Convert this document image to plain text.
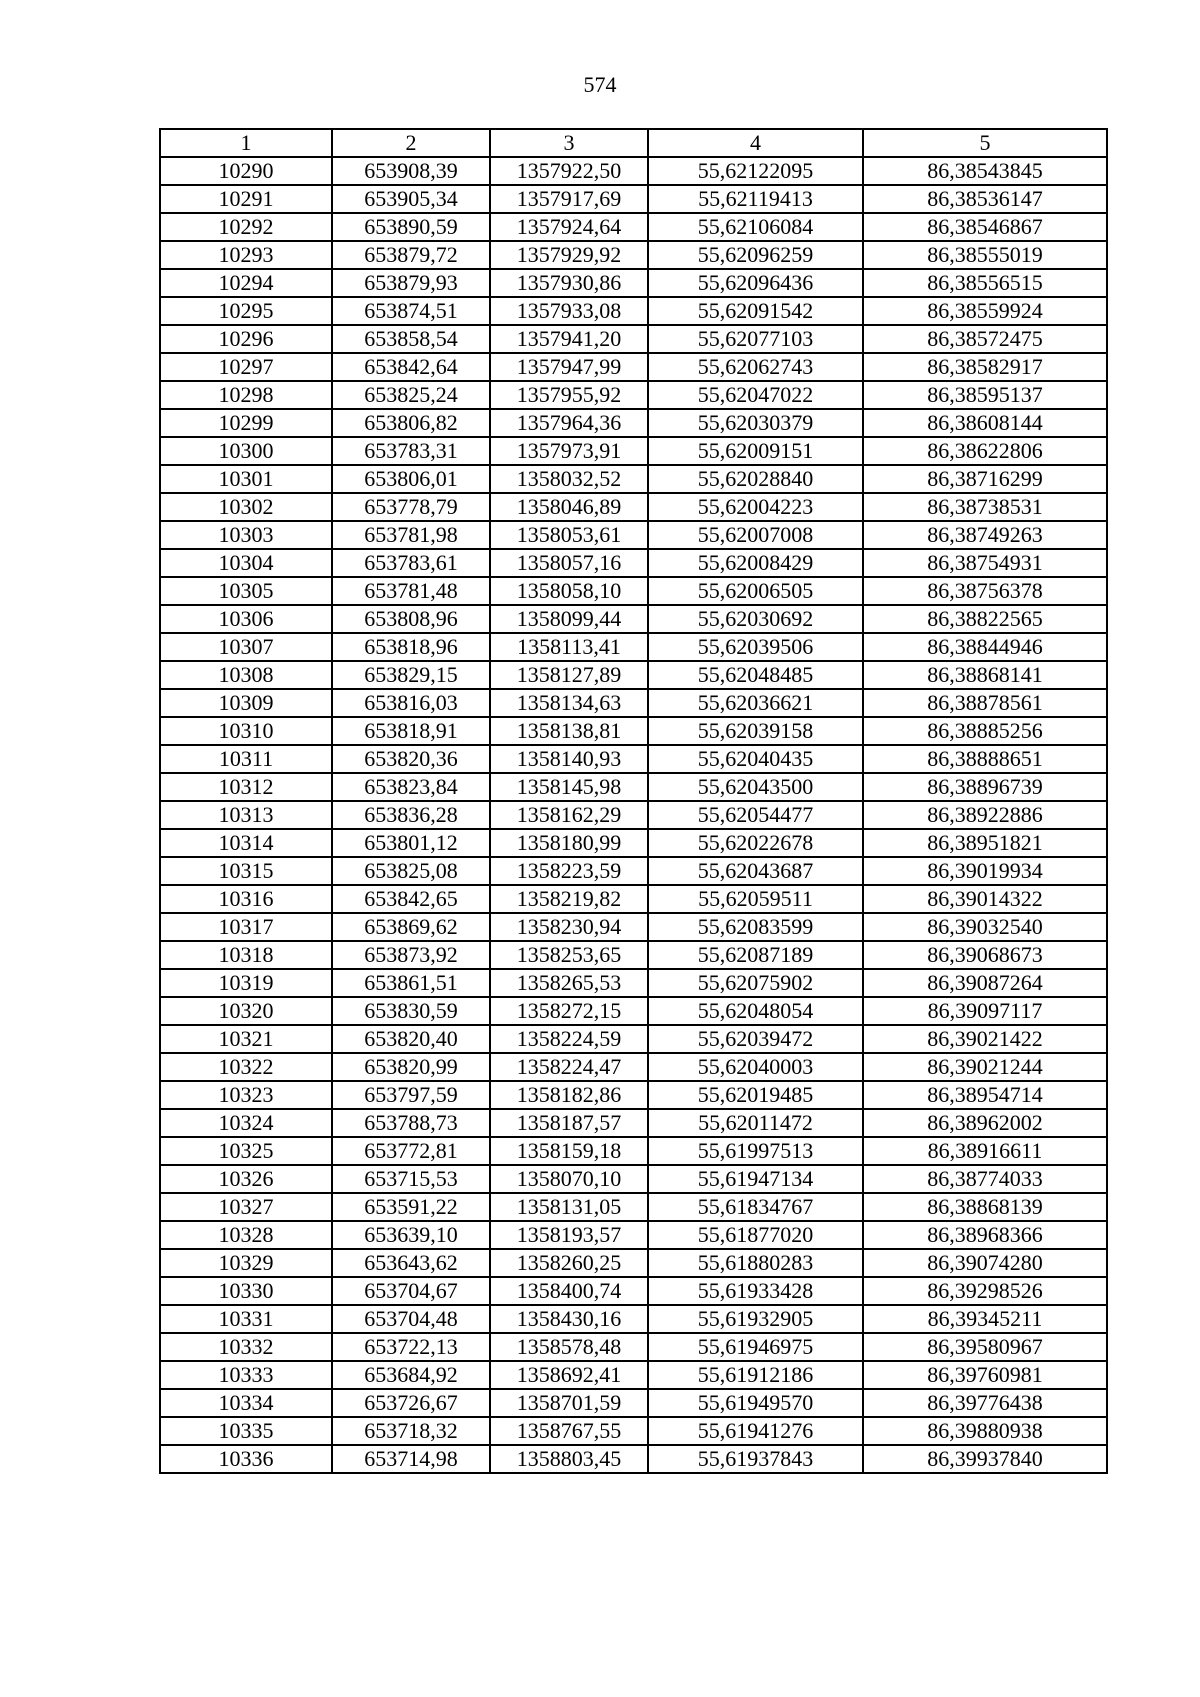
574
1	2	3	4	5
10290	653908,39	1357922,50	55,62122095	86,38543845
10291	653905,34	1357917,69	55,62119413	86,38536147
10292	653890,59	1357924,64	55,62106084	86,38546867
10293	653879,72	1357929,92	55,62096259	86,38555019
10294	653879,93	1357930,86	55,62096436	86,38556515
10295	653874,51	1357933,08	55,62091542	86,38559924
10296	653858,54	1357941,20	55,62077103	86,38572475
10297	653842,64	1357947,99	55,62062743	86,38582917
10298	653825,24	1357955,92	55,62047022	86,38595137
10299	653806,82	1357964,36	55,62030379	86,38608144
10300	653783,31	1357973,91	55,62009151	86,38622806
10301	653806,01	1358032,52	55,62028840	86,38716299
10302	653778,79	1358046,89	55,62004223	86,38738531
10303	653781,98	1358053,61	55,62007008	86,38749263
10304	653783,61	1358057,16	55,62008429	86,38754931
10305	653781,48	1358058,10	55,62006505	86,38756378
10306	653808,96	1358099,44	55,62030692	86,38822565
10307	653818,96	1358113,41	55,62039506	86,38844946
10308	653829,15	1358127,89	55,62048485	86,38868141
10309	653816,03	1358134,63	55,62036621	86,38878561
10310	653818,91	1358138,81	55,62039158	86,38885256
10311	653820,36	1358140,93	55,62040435	86,38888651
10312	653823,84	1358145,98	55,62043500	86,38896739
10313	653836,28	1358162,29	55,62054477	86,38922886
10314	653801,12	1358180,99	55,62022678	86,38951821
10315	653825,08	1358223,59	55,62043687	86,39019934
10316	653842,65	1358219,82	55,62059511	86,39014322
10317	653869,62	1358230,94	55,62083599	86,39032540
10318	653873,92	1358253,65	55,62087189	86,39068673
10319	653861,51	1358265,53	55,62075902	86,39087264
10320	653830,59	1358272,15	55,62048054	86,39097117
10321	653820,40	1358224,59	55,62039472	86,39021422
10322	653820,99	1358224,47	55,62040003	86,39021244
10323	653797,59	1358182,86	55,62019485	86,38954714
10324	653788,73	1358187,57	55,62011472	86,38962002
10325	653772,81	1358159,18	55,61997513	86,38916611
10326	653715,53	1358070,10	55,61947134	86,38774033
10327	653591,22	1358131,05	55,61834767	86,38868139
10328	653639,10	1358193,57	55,61877020	86,38968366
10329	653643,62	1358260,25	55,61880283	86,39074280
10330	653704,67	1358400,74	55,61933428	86,39298526
10331	653704,48	1358430,16	55,61932905	86,39345211
10332	653722,13	1358578,48	55,61946975	86,39580967
10333	653684,92	1358692,41	55,61912186	86,39760981
10334	653726,67	1358701,59	55,61949570	86,39776438
10335	653718,32	1358767,55	55,61941276	86,39880938
10336	653714,98	1358803,45	55,61937843	86,39937840
